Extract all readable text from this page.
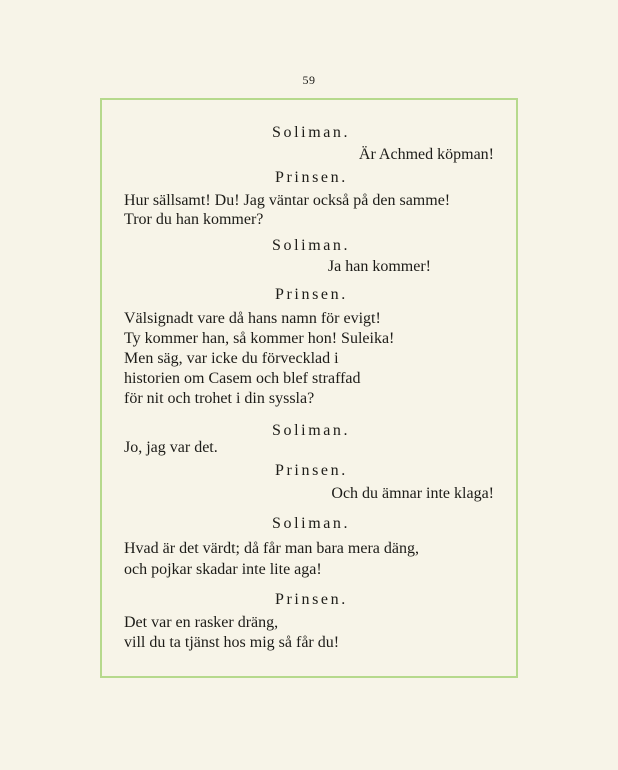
59
Soliman.
Är Achmed köpman!
Prinsen.
Hur sällsamt! Du! Jag väntar också på den samme!
Tror du han kommer?
Soliman.
Ja han kommer!
Prinsen.
Välsignadt vare då hans namn för evigt!
Ty kommer han, så kommer hon! Suleika!
Men säg, var icke du förvecklad i
historien om Casem och blef straffad
för nit och trohet i din syssla?
Soliman.
Jo, jag var det.
Prinsen.
Och du ämnar inte klaga!
Soliman.
Hvad är det värdt; då får man bara mera däng,
och pojkar skadar inte lite aga!
Prinsen.
Det var en rasker dräng,
vill du ta tjänst hos mig så får du!
